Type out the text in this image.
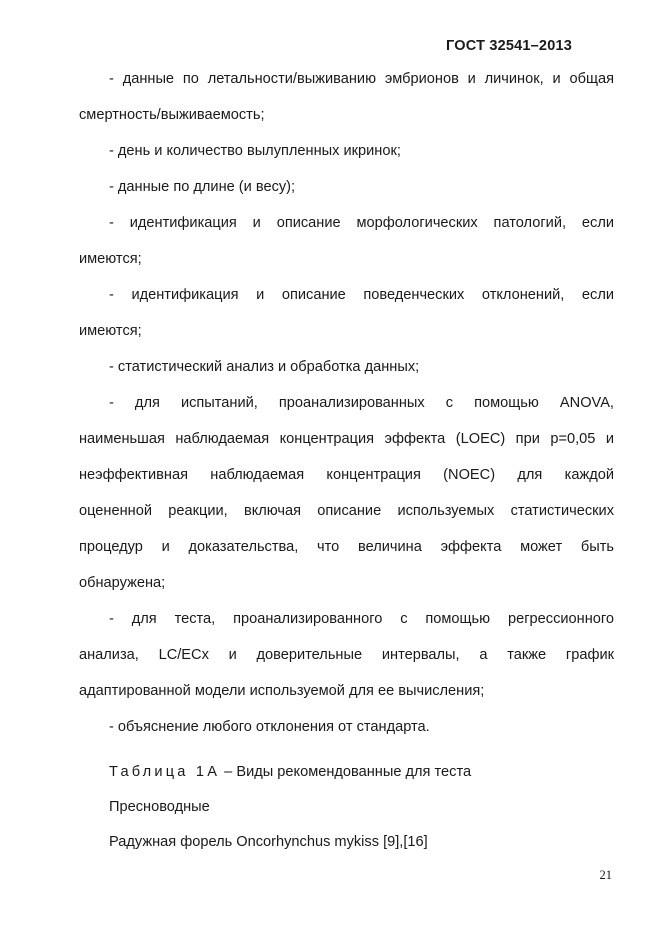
ГОСТ 32541–2013
- данные по летальности/выживанию эмбрионов и личинок, и общая
смертность/выживаемость;
- день и количество вылупленных икринок;
- данные по длине (и весу);
- идентификация и описание морфологических патологий, если
имеются;
- идентификация и описание поведенческих отклонений, если
имеются;
- статистический анализ и обработка данных;
- для испытаний, проанализированных с помощью ANOVA,
наименьшая наблюдаемая концентрация эффекта (LOEC) при p=0,05 и
неэффективная наблюдаемая концентрация (NOEC) для каждой
оцененной реакции, включая описание используемых статистических
процедур и доказательства, что величина эффекта может быть
обнаружена;
- для теста, проанализированного с помощью регрессионного
анализа, LC/ECx и доверительные интервалы, а также график
адаптированной модели используемой для ее вычисления;
- объяснение любого отклонения от стандарта.
Таблица 1А – Виды рекомендованные для теста
Пресноводные
Радужная форель Oncorhynchus mykiss [9],[16]
21
